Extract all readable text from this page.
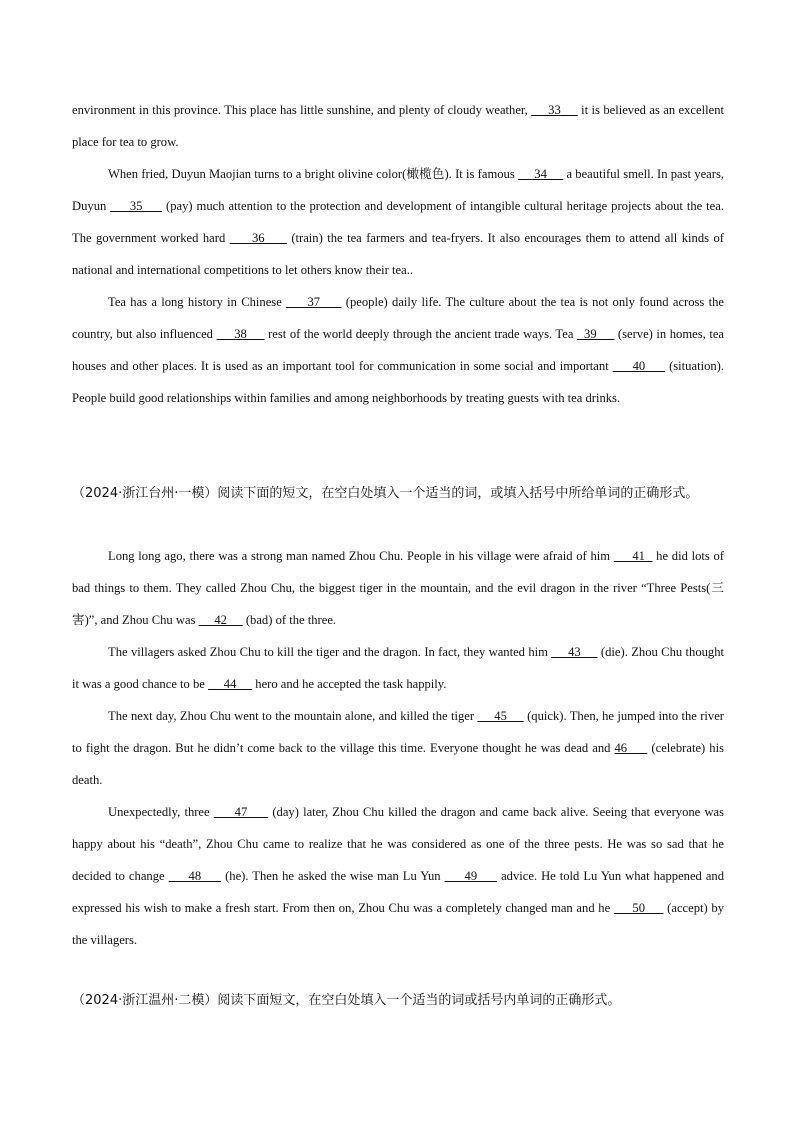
environment in this province. This place has little sunshine, and plenty of cloudy weather,      33      it is believed as an excellent place for tea to grow.

When fried, Duyun Maojian turns to a bright olivine color(橄榄色). It is famous      34      a beautiful smell. In past years, Duyun      35      (pay) much attention to the protection and development of intangible cultural heritage projects about the tea. The government worked hard      36      (train) the tea farmers and tea-fryers. It also encourages them to attend all kinds of national and international competitions to let others know their tea..

Tea has a long history in Chinese      37      (people) daily life. The culture about the tea is not only found across the country, but also influenced      38      rest of the world deeply through the ancient trade ways. Tea   39      (serve) in homes, tea houses and other places. It is used as an important tool for communication in some social and important      40      (situation). People build good relationships within families and among neighborhoods by treating guests with tea drinks.

（2024·浙江台州·一模）阅读下面的短文，在空白处填入一个适当的词，或填入括号中所给单词的正确形式。

Long long ago, there was a strong man named Zhou Chu. People in his village were afraid of him      41   he did lots of bad things to them. They called Zhou Chu, the biggest tiger in the mountain, and the evil dragon in the river “Three Pests(三害)”, and Zhou Chu was      42      (bad) of the three.

The villagers asked Zhou Chu to kill the tiger and the dragon. In fact, they wanted him      43      (die). Zhou Chu thought it was a good chance to be      44      hero and he accepted the task happily.

The next day, Zhou Chu went to the mountain alone, and killed the tiger      45      (quick). Then, he jumped into the river to fight the dragon. But he didn’t come back to the village this time. Everyone thought he was dead and 46      (celebrate) his death.

Unexpectedly, three      47      (day) later, Zhou Chu killed the dragon and came back alive. Seeing that everyone was happy about his “death”, Zhou Chu came to realize that he was considered as one of the three pests. He was so sad that he decided to change      48      (he). Then he asked the wise man Lu Yun      49      advice. He told Lu Yun what happened and expressed his wish to make a fresh start. From then on, Zhou Chu was a completely changed man and he      50      (accept) by the villagers.

（2024·浙江温州·二模）阅读下面短文，在空白处填入一个适当的词或括号内单词的正确形式。
